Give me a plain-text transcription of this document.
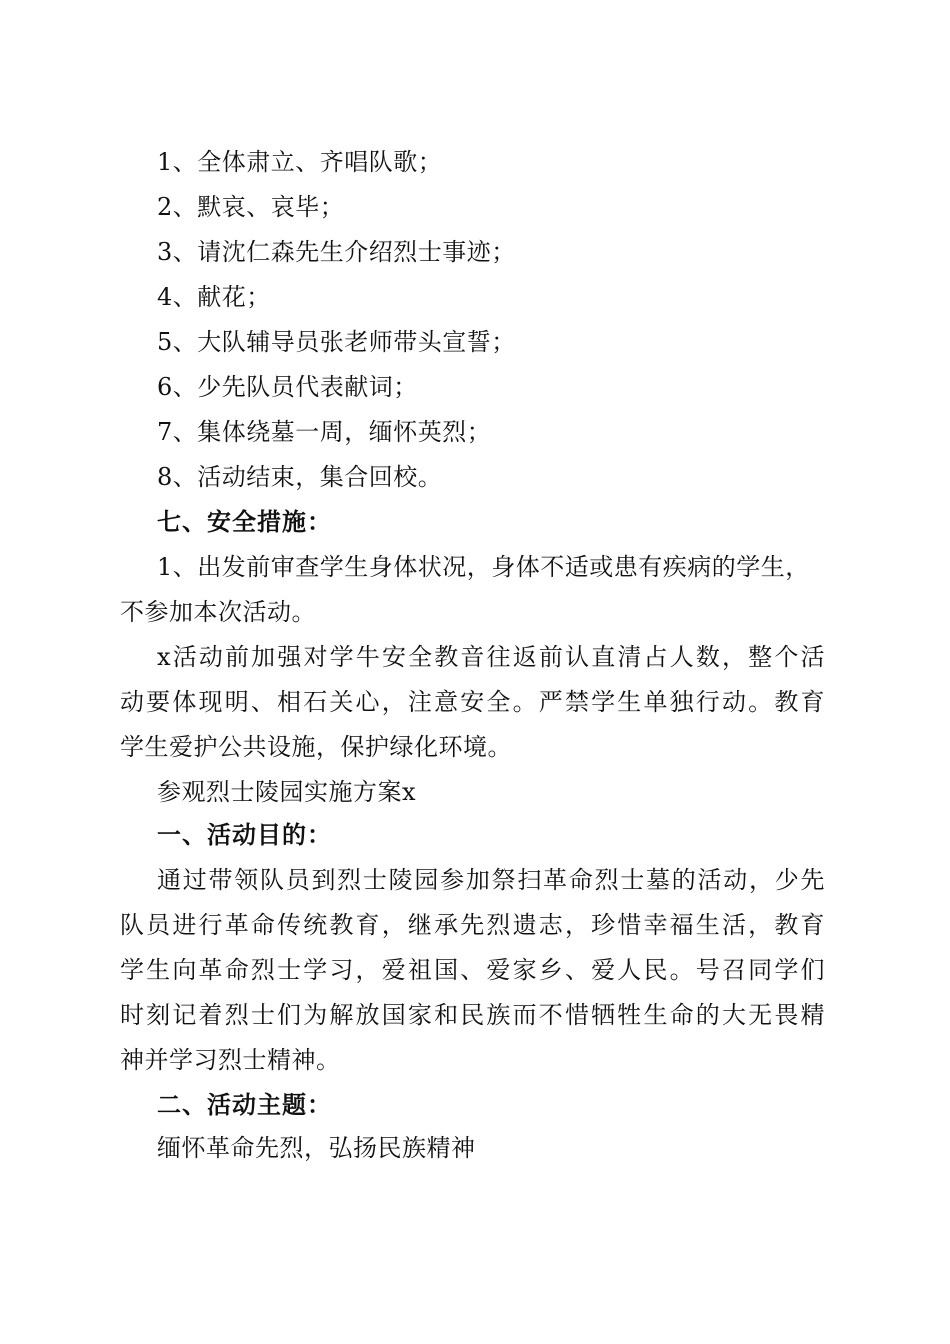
1、全体肃立、齐唱队歌；
2、默哀、哀毕；
3、请沈仁森先生介绍烈士事迹；
4、献花；
5、大队辅导员张老师带头宣誓；
6、少先队员代表献词；
7、集体绕墓一周，缅怀英烈；
8、活动结束，集合回校。
七、安全措施：
1、出发前审查学生身体状况，身体不适或患有疾病的学生，
不参加本次活动。
x活动前加强对学牛安全教音往返前认直清占人数，整个活
动要体现明、相石关心，注意安全。严禁学生单独行动。教育
学生爱护公共设施，保护绿化环境。
参观烈士陵园实施方案x
一、活动目的：
通过带领队员到烈士陵园参加祭扫革命烈士墓的活动，少先
队员进行革命传统教育，继承先烈遗志，珍惜幸福生活，教育
学生向革命烈士学习，爱祖国、爱家乡、爱人民。号召同学们
时刻记着烈士们为解放国家和民族而不惜牺牲生命的大无畏精
神并学习烈士精神。
二、活动主题：
缅怀革命先烈，弘扬民族精神
